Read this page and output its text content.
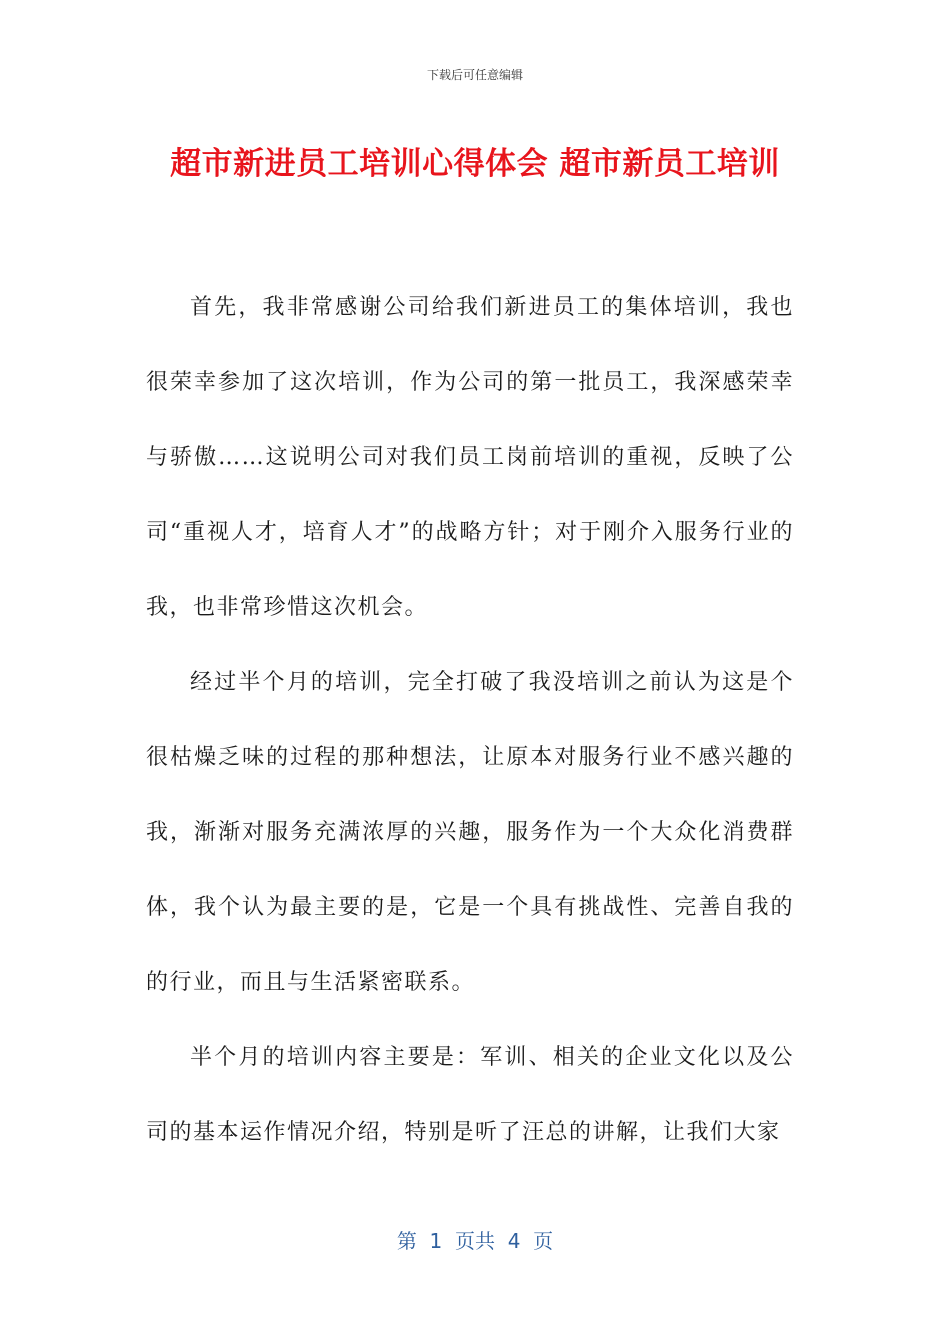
下载后可任意编辑
超市新进员工培训心得体会 超市新员工培训

首先，我非常感谢公司给我们新进员工的集体培训，我也很荣幸参加了这次培训，作为公司的第一批员工，我深感荣幸与骄傲……这说明公司对我们员工岗前培训的重视，反映了公司“重视人才，培育人才”的战略方针；对于刚介入服务行业的我，也非常珍惜这次机会。

经过半个月的培训，完全打破了我没培训之前认为这是个很枯燥乏味的过程的那种想法，让原本对服务行业不感兴趣的我，渐渐对服务充满浓厚的兴趣，服务作为一个大众化消费群体，我个认为最主要的是，它是一个具有挑战性、完善自我的的行业，而且与生活紧密联系。

半个月的培训内容主要是：军训、相关的企业文化以及公司的基本运作情况介绍，特别是听了汪总的讲解，让我们大家

第  1  页共  4  页
